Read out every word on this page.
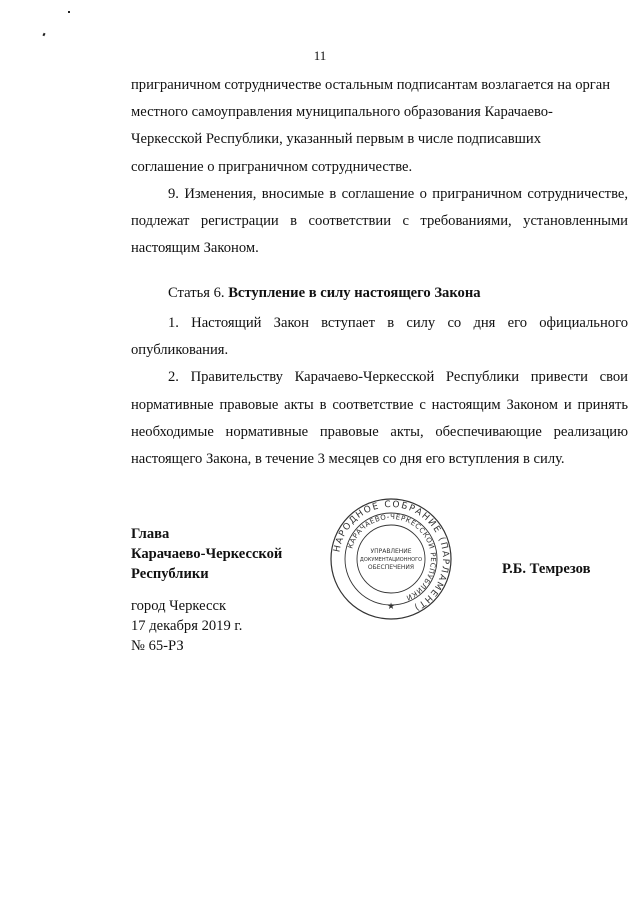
11

приграничном сотрудничестве остальным подписантам возлагается на орган

местного самоуправления муниципального образования Карачаево-

Черкесской Республики, указанный первым в числе подписавших

соглашение о приграничном сотрудничестве.

9. Изменения, вносимые в соглашение о приграничном сотрудничестве, подлежат регистрации в соответствии с требованиями, установленными настоящим Законом.

Статья 6. Вступление в силу настоящего Закона

1. Настоящий Закон вступает в силу со дня его официального опубликования.

2. Правительству Карачаево-Черкесской Республики привести свои нормативные правовые акты в соответствие с настоящим Законом и принять необходимые нормативные правовые акты, обеспечивающие реализацию настоящего Закона, в течение 3 месяцев со дня его вступления в силу.

Глава
Карачаево-Черкесской
Республики	Р.Б. Темрезов
город Черкесск
17 декабря 2019 г.
№ 65-РЗ
НАРОДНОЕ СОБРАНИЕ (ПАРЛАМЕНТ)
КАРАЧАЕВО-ЧЕРКЕССКОЙ РЕСПУБЛИКИ
УПРАВЛЕНИЕ
ДОКУМЕНТАЦИОННОГО
ОБЕСПЕЧЕНИЯ
★
